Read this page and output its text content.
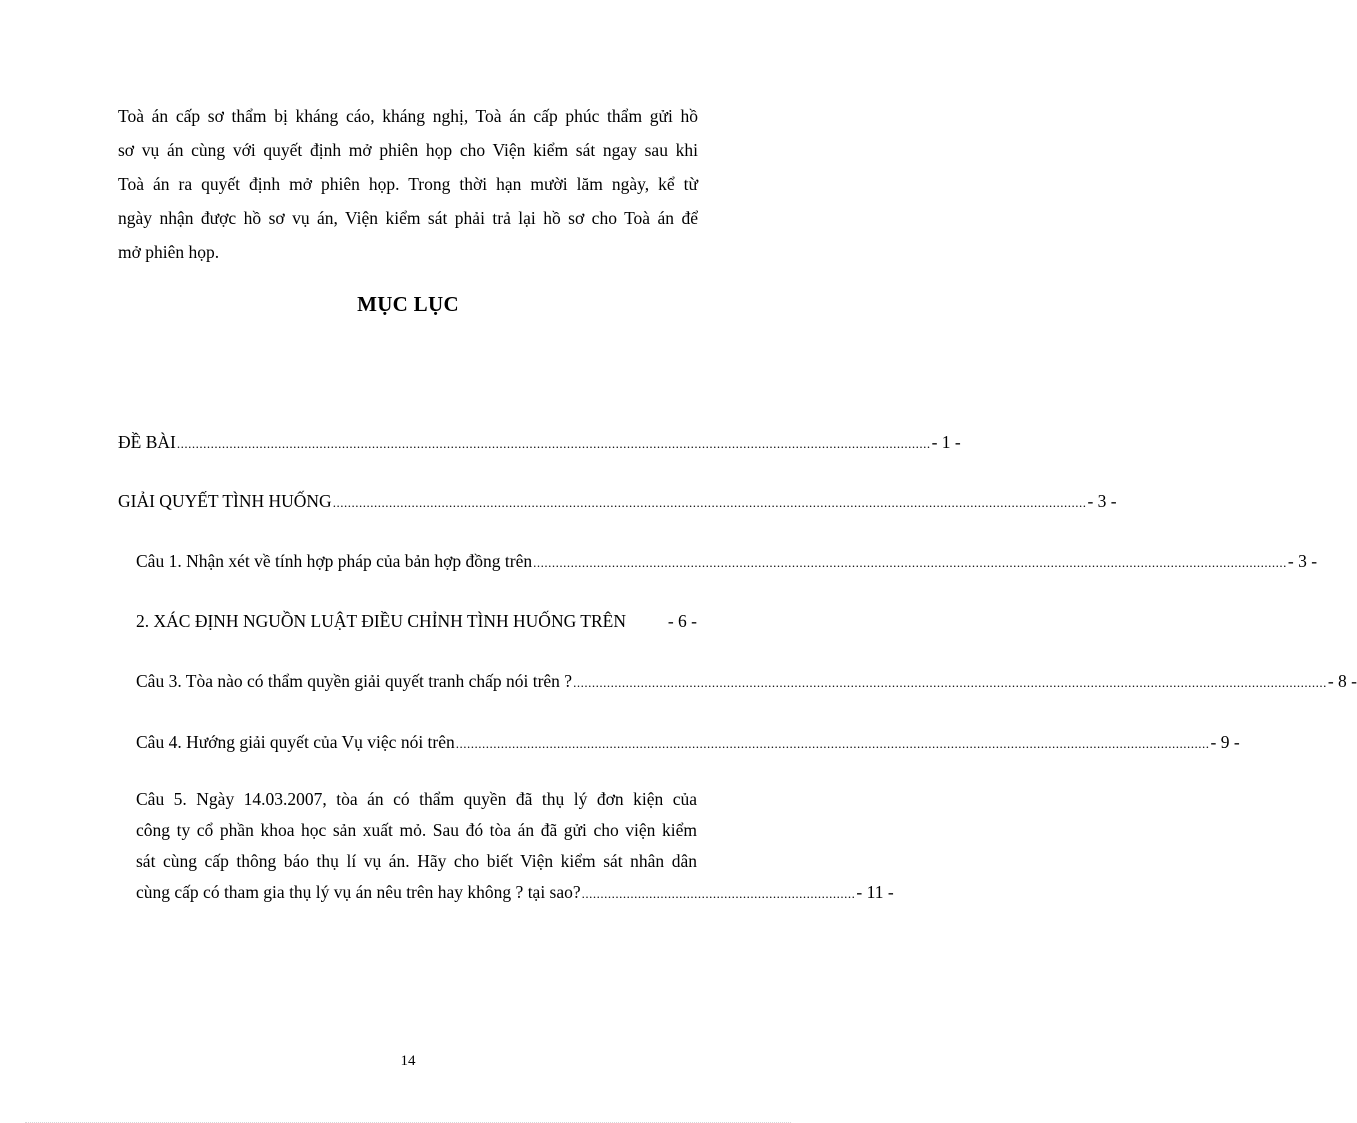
Toà án cấp sơ thẩm bị kháng cáo, kháng nghị, Toà án cấp phúc thẩm gửi hồ
sơ vụ án cùng với quyết định mở phiên họp cho Viện kiểm sát ngay sau khi
Toà án ra quyết định mở phiên họp. Trong thời hạn mười lăm ngày, kể từ
ngày nhận được hồ sơ vụ án, Viện kiểm sát phải trả lại hồ sơ cho Toà án để
mở phiên họp.
MỤC LỤC
ĐỀ BÀI ......................................................................................................................................................................................................... - 1 -
GIẢI QUYẾT TÌNH HUỐNG ......................................................................................................................................................................................................... - 3 -
Câu 1. Nhận xét về tính hợp pháp của bản hợp đồng trên ......................................................................................................................................................................................................... - 3 -
2. XÁC ĐỊNH NGUỒN LUẬT ĐIỀU CHỈNH TÌNH HUỐNG TRÊN - 6 -
Câu 3. Tòa nào có thẩm quyền giải quyết tranh chấp nói trên ? ......................................................................................................................................................................................................... - 8 -
Câu 4. Hướng giải quyết của Vụ việc nói trên ......................................................................................................................................................................................................... - 9 -
Câu 5. Ngày 14.03.2007, tòa án có thẩm quyền đã thụ lý đơn kiện của
công ty cổ phần khoa học sản xuất mỏ. Sau đó tòa án đã gửi cho viện kiểm
sát cùng cấp thông báo thụ lí vụ án. Hãy cho biết Viện kiểm sát nhân dân
cùng cấp có tham gia thụ lý vụ án nêu trên hay không ? tại sao? ......................................................................... - 11 -
14
